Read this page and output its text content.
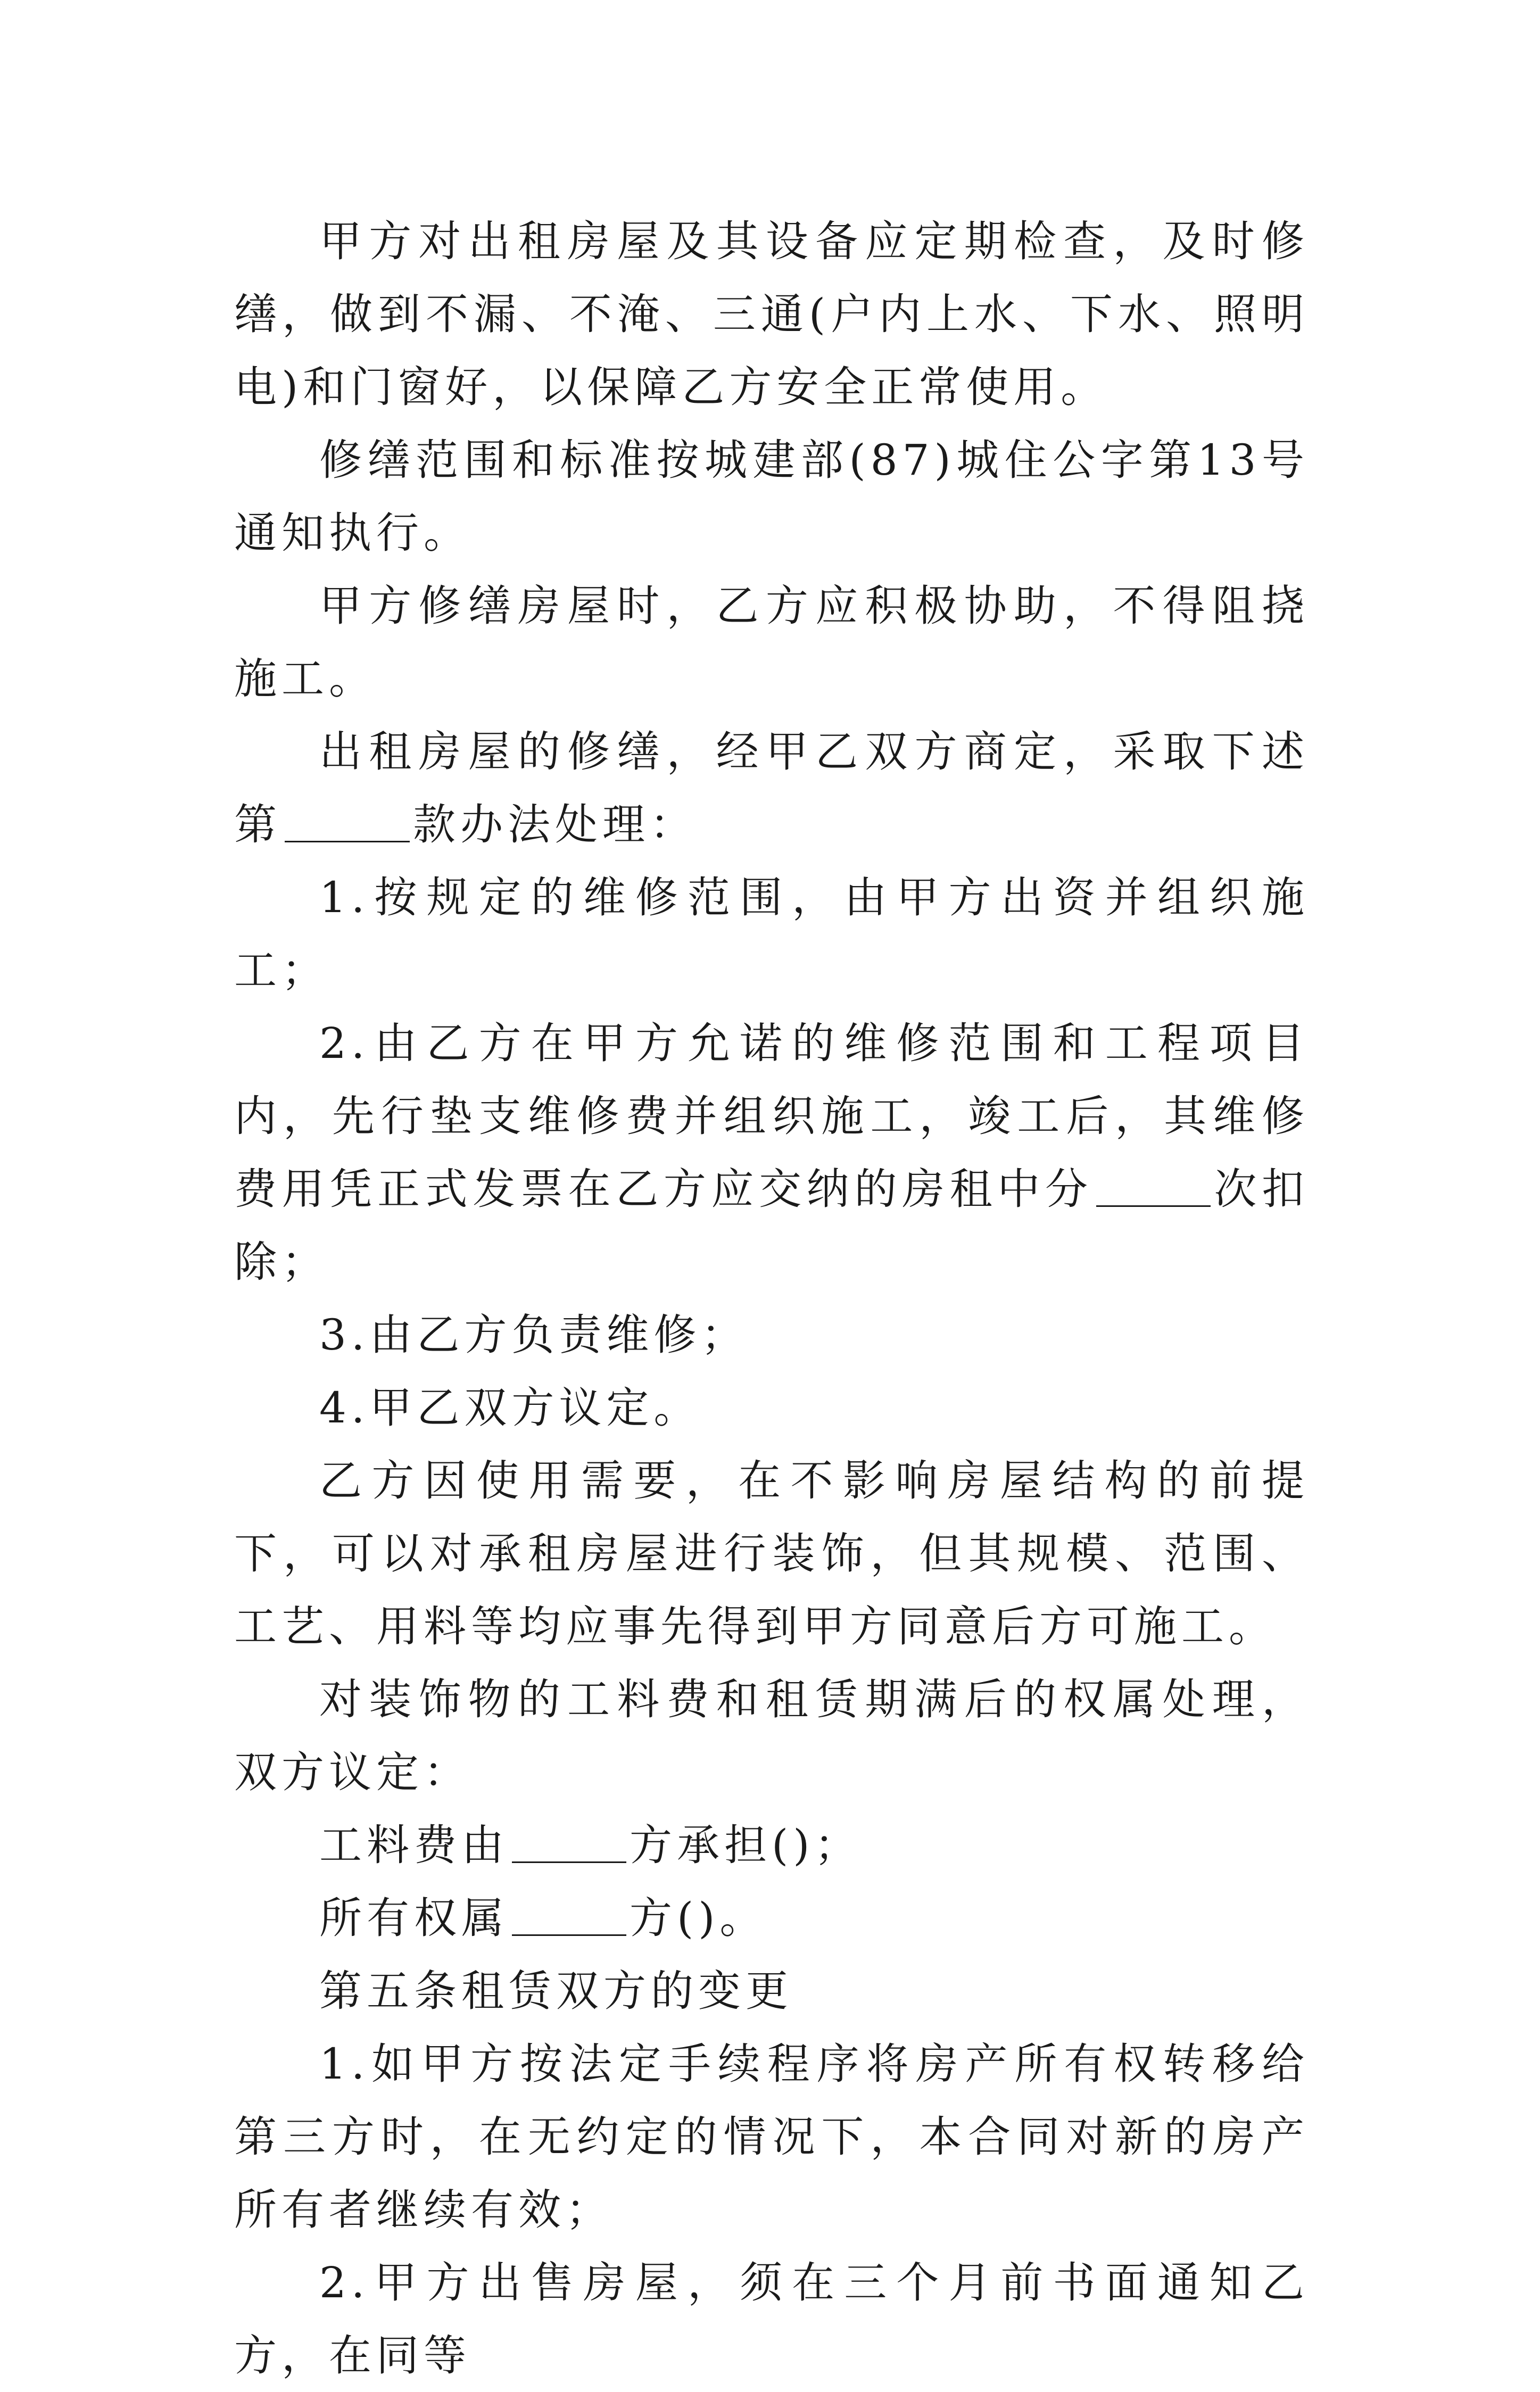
甲方对出租房屋及其设备应定期检查，及时修缮，做到不漏、不淹、三通(户内上水、下水、照明电)和门窗好，以保障乙方安全正常使用。

修缮范围和标准按城建部(87)城住公字第13号通知执行。

甲方修缮房屋时，乙方应积极协助，不得阻挠施工。

出租房屋的修缮，经甲乙双方商定，采取下述第	款办法处理：

1.按规定的维修范围，由甲方出资并组织施工；

2.由乙方在甲方允诺的维修范围和工程项目内，先行垫支维修费并组织施工，竣工后，其维修费用凭正式发票在乙方应交纳的房租中分	次扣除；

3.由乙方负责维修；

4.甲乙双方议定。

乙方因使用需要，在不影响房屋结构的前提下，可以对承租房屋进行装饰，但其规模、范围、工艺、用料等均应事先得到甲方同意后方可施工。

对装饰物的工料费和租赁期满后的权属处理，双方议定：

工料费由	方承担()；

所有权属	方()。

第五条租赁双方的变更

1.如甲方按法定手续程序将房产所有权转移给第三方时，在无约定的情况下，本合同对新的房产所有者继续有效；

2.甲方出售房屋，须在三个月前书面通知乙方，在同等
